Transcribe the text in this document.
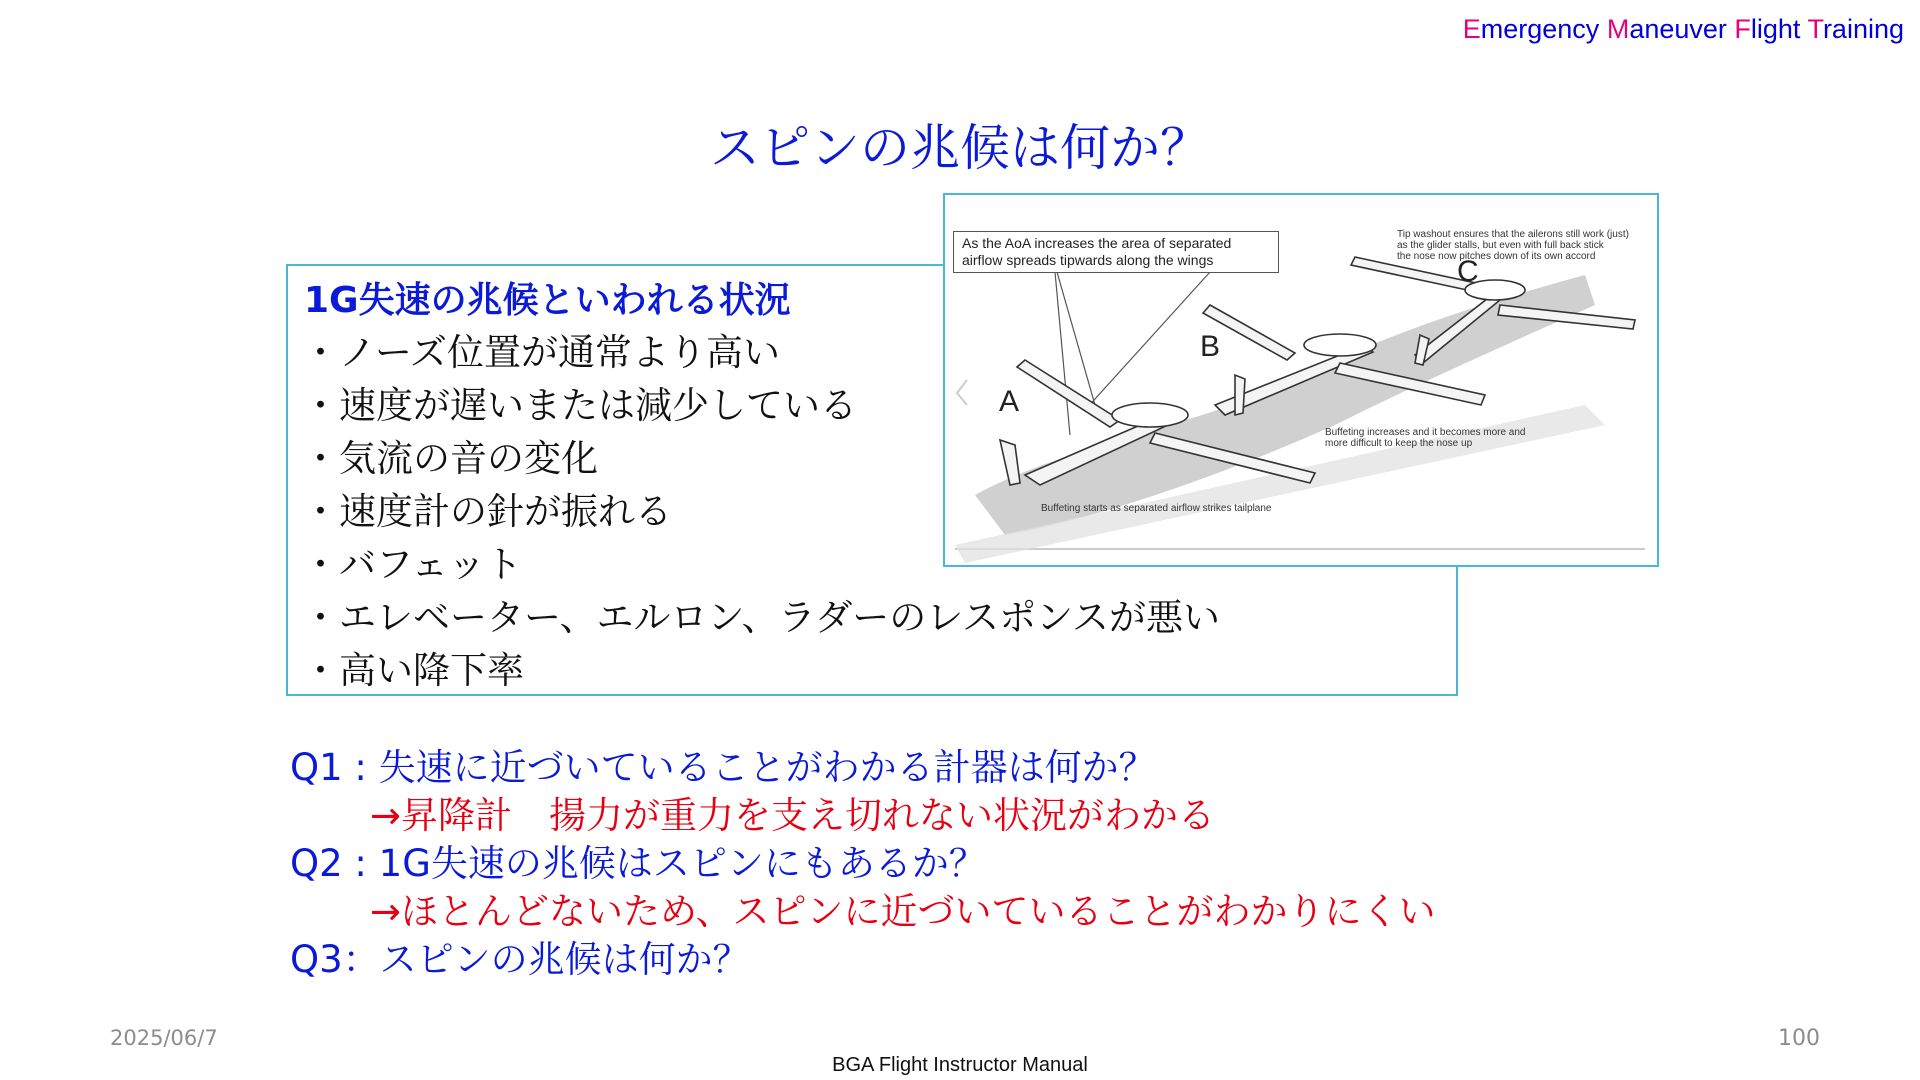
Emergency Maneuver Flight Training
スピンの兆候は何か？
1G失速の兆候といわれる状況
・ノーズ位置が通常より高い
・速度が遅いまたは減少している
・気流の音の変化
・速度計の針が振れる
・バフェット
・エレベーター、エルロン、ラダーのレスポンスが悪い
・高い降下率
As the AoA increases the area of separated
airflow spreads tipwards along the wings
Tip washout ensures that the ailerons still work (just)
as the glider stalls, but even with full back stick
the nose now pitches down of its own accord
Buffeting increases and it becomes more and
more difficult to keep the nose up
Buffeting starts as separated airflow strikes tailplane
A
B
C
Q1 : 失速に近づいていることがわかる計器は何か？
→昇降計　揚力が重力を支え切れない状況がわかる
Q2 : 1G失速の兆候はスピンにもあるか？
→ほとんどないため、スピンに近づいていることがわかりにくい
Q3：スピンの兆候は何か？
2025/06/7	100
BGA Flight Instructor Manual
